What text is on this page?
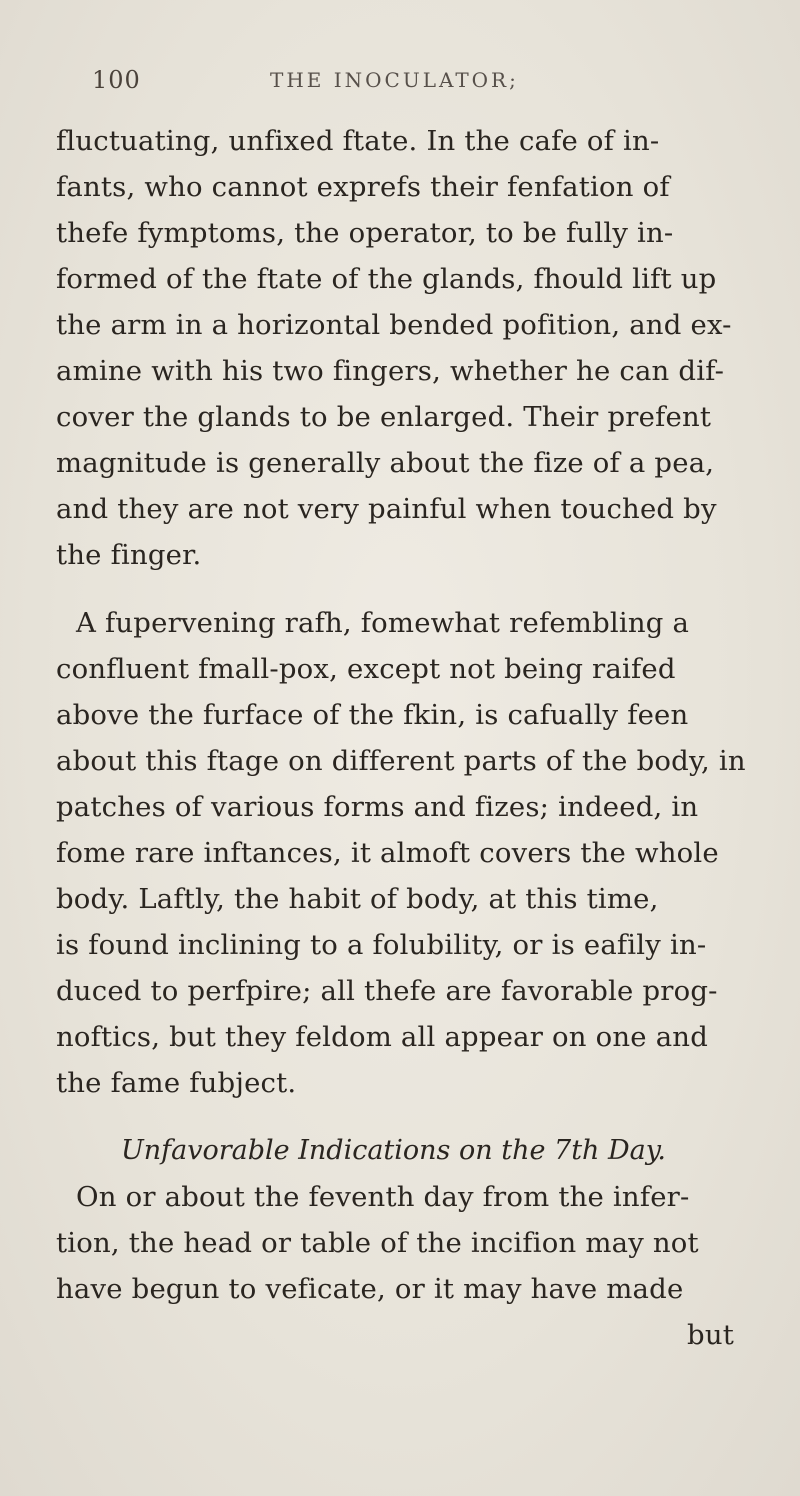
100	THE INOCULATOR;
fluctuating, unfixed ftate. In the cafe of in-
fants, who cannot exprefs their fenfation of
thefe fymptoms, the operator, to be fully in-
formed of the ftate of the glands, fhould lift up
the arm in a horizontal bended pofition, and ex-
amine with his two fingers, whether he can dif-
cover the glands to be enlarged. Their prefent
magnitude is generally about the fize of a pea,
and they are not very painful when touched by
the finger.
A fupervening rafh, fomewhat refembling a
confluent fmall-pox, except not being raifed
above the furface of the fkin, is cafually feen
about this ftage on different parts of the body, in
patches of various forms and fizes; indeed, in
fome rare inftances, it almoft covers the whole
body. Laftly, the habit of body, at this time,
is found inclining to a folubility, or is eafily in-
duced to perfpire; all thefe are favorable prog-
noftics, but they feldom all appear on one and
the fame fubject.
Unfavorable Indications on the 7th Day.
On or about the feventh day from the infer-
tion, the head or table of the incifion may not
have begun to veficate, or it may have made
but
